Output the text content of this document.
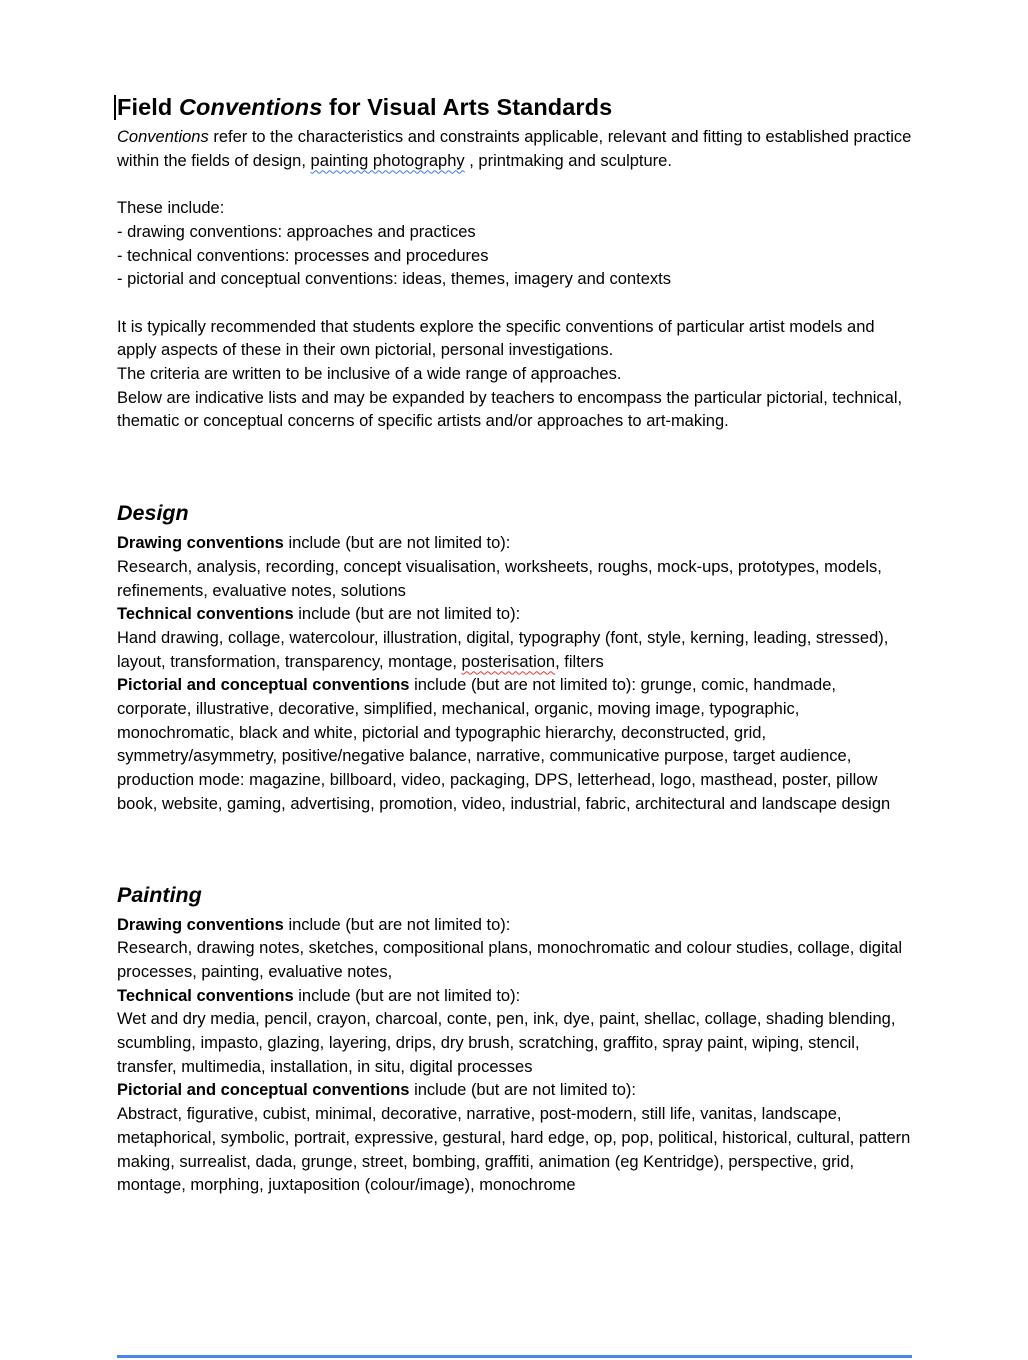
Field Conventions for Visual Arts Standards

Conventions refer to the characteristics and constraints applicable, relevant and fitting to established practice within the fields of design, painting photography , printmaking and sculpture.

These include:

- drawing conventions: approaches and practices

- technical conventions: processes and procedures

- pictorial and conceptual conventions: ideas, themes, imagery and contexts

It is typically recommended that students explore the specific conventions of particular artist models and apply aspects of these in their own pictorial, personal investigations.

The criteria are written to be inclusive of a wide range of approaches.

Below are indicative lists and may be expanded by teachers to encompass the particular pictorial, technical, thematic or conceptual concerns of specific artists and/or approaches to art-making.

Design

Drawing conventions include (but are not limited to):

Research, analysis, recording, concept visualisation, worksheets, roughs, mock-ups, prototypes, models, refinements, evaluative notes, solutions

Technical conventions include (but are not limited to):

Hand drawing, collage, watercolour, illustration, digital, typography (font, style, kerning, leading, stressed), layout, transformation, transparency, montage, posterisation, filters

Pictorial and conceptual conventions include (but are not limited to): grunge, comic, handmade, corporate, illustrative, decorative, simplified, mechanical, organic, moving image, typographic, monochromatic, black and white, pictorial and typographic hierarchy, deconstructed, grid, symmetry/asymmetry, positive/negative balance, narrative, communicative purpose, target audience, production mode: magazine, billboard, video, packaging, DPS, letterhead, logo, masthead, poster, pillow book, website, gaming, advertising, promotion, video, industrial, fabric, architectural and landscape design

Painting

Drawing conventions include (but are not limited to):

Research, drawing notes, sketches, compositional plans, monochromatic and colour studies, collage, digital processes, painting, evaluative notes,

Technical conventions include (but are not limited to):

Wet and dry media, pencil, crayon, charcoal, conte, pen, ink, dye, paint, shellac, collage, shading blending, scumbling, impasto, glazing, layering, drips, dry brush, scratching, graffito, spray paint, wiping, stencil, transfer, multimedia, installation, in situ, digital processes

Pictorial and conceptual conventions include (but are not limited to):

Abstract, figurative, cubist, minimal, decorative, narrative, post-modern, still life, vanitas, landscape, metaphorical, symbolic, portrait, expressive, gestural, hard edge, op, pop, political, historical, cultural, pattern making, surrealist, dada, grunge, street, bombing, graffiti, animation (eg Kentridge), perspective, grid, montage, morphing, juxtaposition (colour/image), monochrome
